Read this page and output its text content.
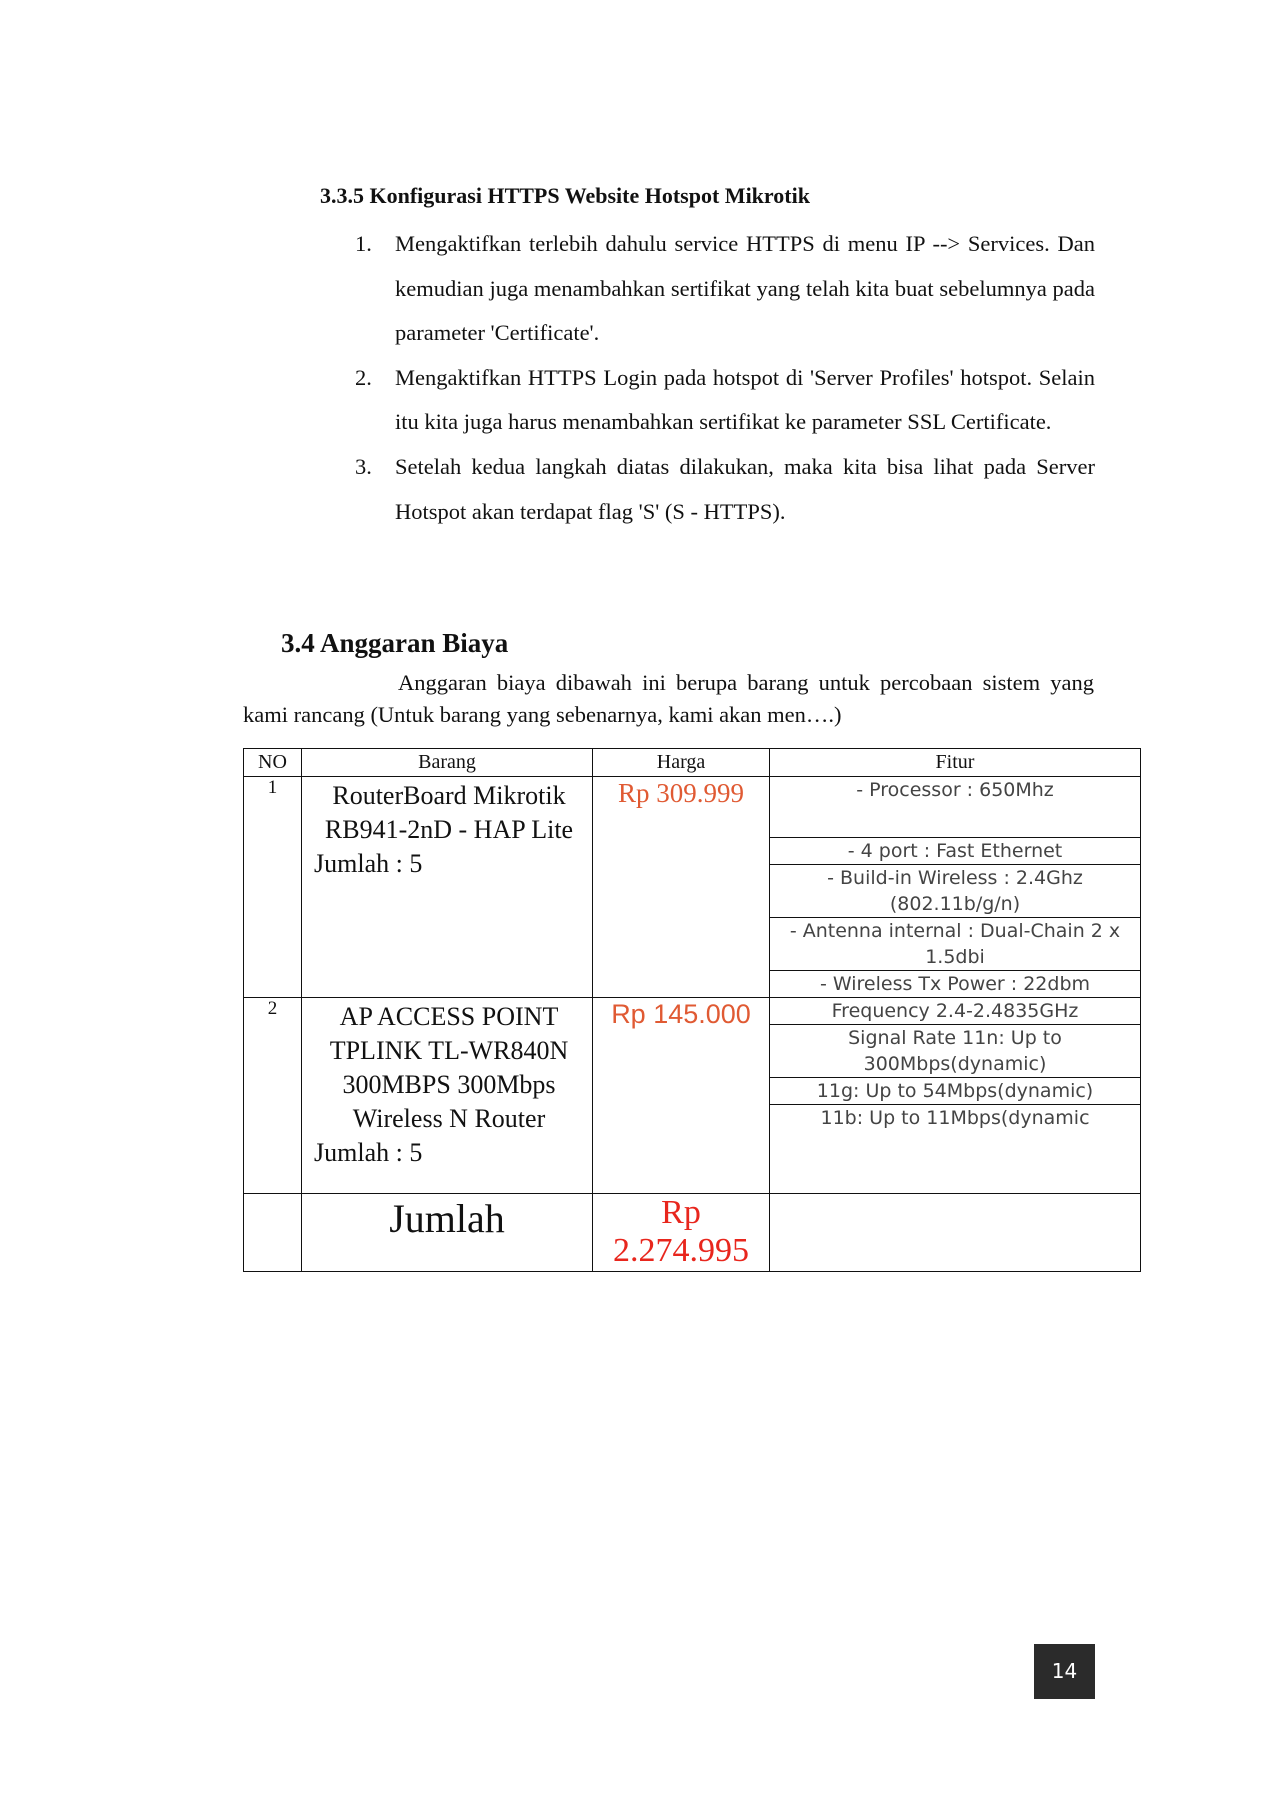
3.3.5 Konfigurasi HTTPS Website Hotspot Mikrotik
1. Mengaktifkan terlebih dahulu service HTTPS di menu IP --> Services. Dan kemudian juga menambahkan sertifikat yang telah kita buat sebelumnya pada parameter 'Certificate'.
2. Mengaktifkan HTTPS Login pada hotspot di 'Server Profiles' hotspot. Selain itu kita juga harus menambahkan sertifikat ke parameter SSL Certificate.
3. Setelah kedua langkah diatas dilakukan, maka kita bisa lihat pada Server Hotspot akan terdapat flag 'S' (S - HTTPS).
3.4 Anggaran Biaya
Anggaran biaya dibawah ini berupa barang untuk percobaan sistem yang kami rancang (Untuk barang yang sebenarnya, kami akan men….)
NO	Barang	Harga	Fitur
1	RouterBoard Mikrotik RB941-2nD - HAP Lite
Jumlah : 5	Rp 309.999	- Processor : 650Mhz
			- 4 port : Fast Ethernet
			- Build-in Wireless : 2.4Ghz (802.11b/g/n)
			- Antenna internal : Dual-Chain 2 x 1.5dbi
			- Wireless Tx Power : 22dbm
2	AP ACCESS POINT TPLINK TL-WR840N 300MBPS 300Mbps Wireless N Router
Jumlah : 5	Rp 145.000	Frequency 2.4-2.4835GHz
			Signal Rate 11n: Up to 300Mbps(dynamic)
			11g: Up to 54Mbps(dynamic)
			11b: Up to 11Mbps(dynamic
	Jumlah	Rp 2.274.995	
14
